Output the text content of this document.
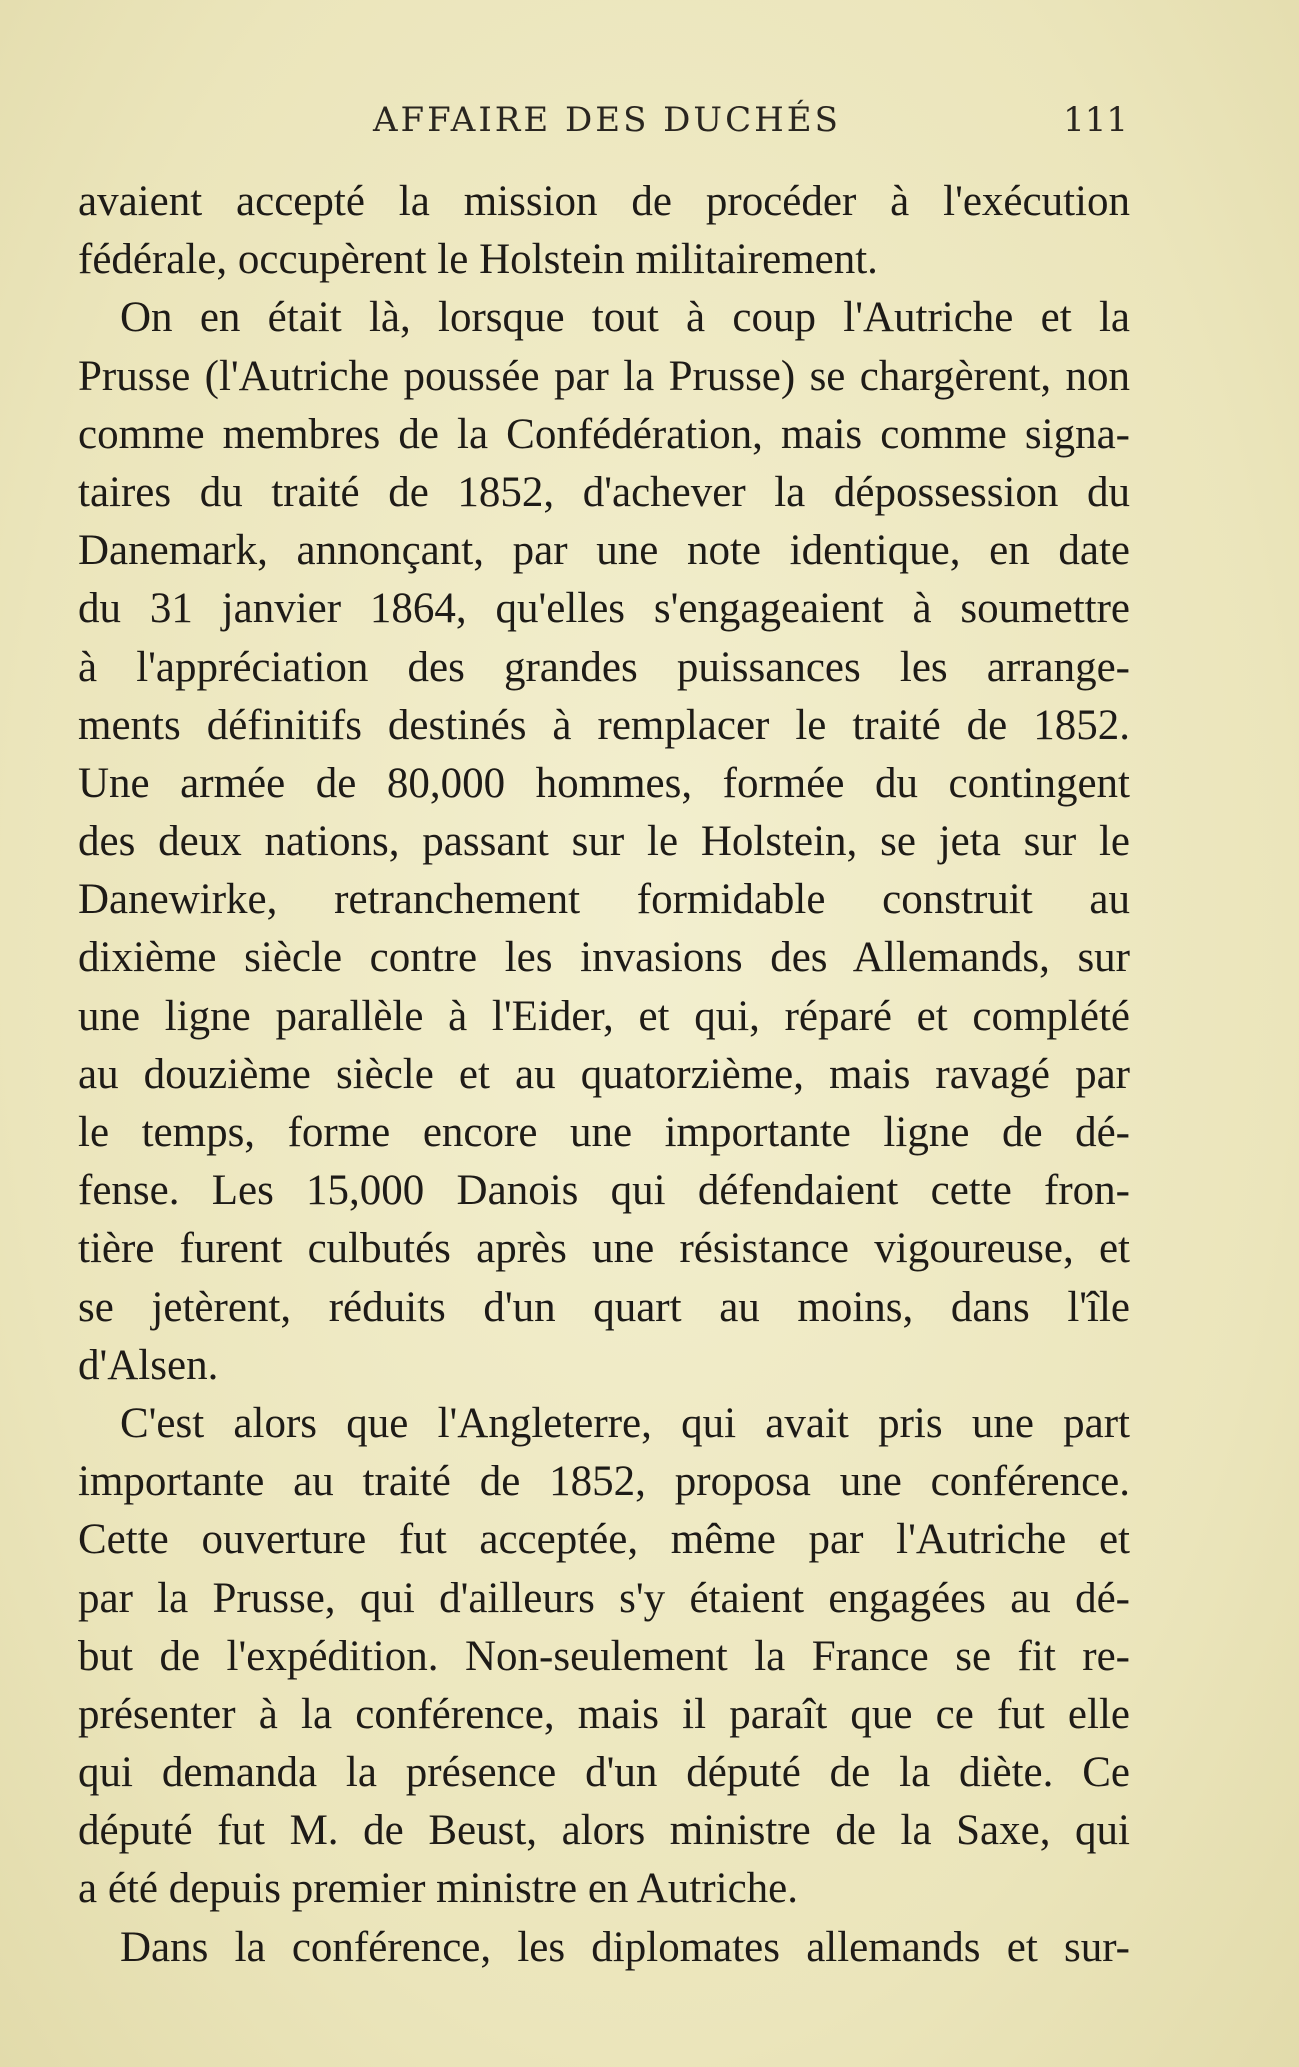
AFFAIRE DES DUCHÉS	111
avaient accepté la mission de procéder à l'exécution
fédérale, occupèrent le Holstein militairement.
On en était là, lorsque tout à coup l'Autriche et la
Prusse (l'Autriche poussée par la Prusse) se chargèrent, non
comme membres de la Confédération, mais comme signa-
taires du traité de 1852, d'achever la dépossession du
Danemark, annonçant, par une note identique, en date
du 31 janvier 1864, qu'elles s'engageaient à soumettre
à l'appréciation des grandes puissances les arrange-
ments définitifs destinés à remplacer le traité de 1852.
Une armée de 80,000 hommes, formée du contingent
des deux nations, passant sur le Holstein, se jeta sur le
Danewirke, retranchement formidable construit au
dixième siècle contre les invasions des Allemands, sur
une ligne parallèle à l'Eider, et qui, réparé et complété
au douzième siècle et au quatorzième, mais ravagé par
le temps, forme encore une importante ligne de dé-
fense. Les 15,000 Danois qui défendaient cette fron-
tière furent culbutés après une résistance vigoureuse, et
se jetèrent, réduits d'un quart au moins, dans l'île
d'Alsen.
C'est alors que l'Angleterre, qui avait pris une part
importante au traité de 1852, proposa une conférence.
Cette ouverture fut acceptée, même par l'Autriche et
par la Prusse, qui d'ailleurs s'y étaient engagées au dé-
but de l'expédition. Non-seulement la France se fit re-
présenter à la conférence, mais il paraît que ce fut elle
qui demanda la présence d'un député de la diète. Ce
député fut M. de Beust, alors ministre de la Saxe, qui
a été depuis premier ministre en Autriche.
Dans la conférence, les diplomates allemands et sur-
